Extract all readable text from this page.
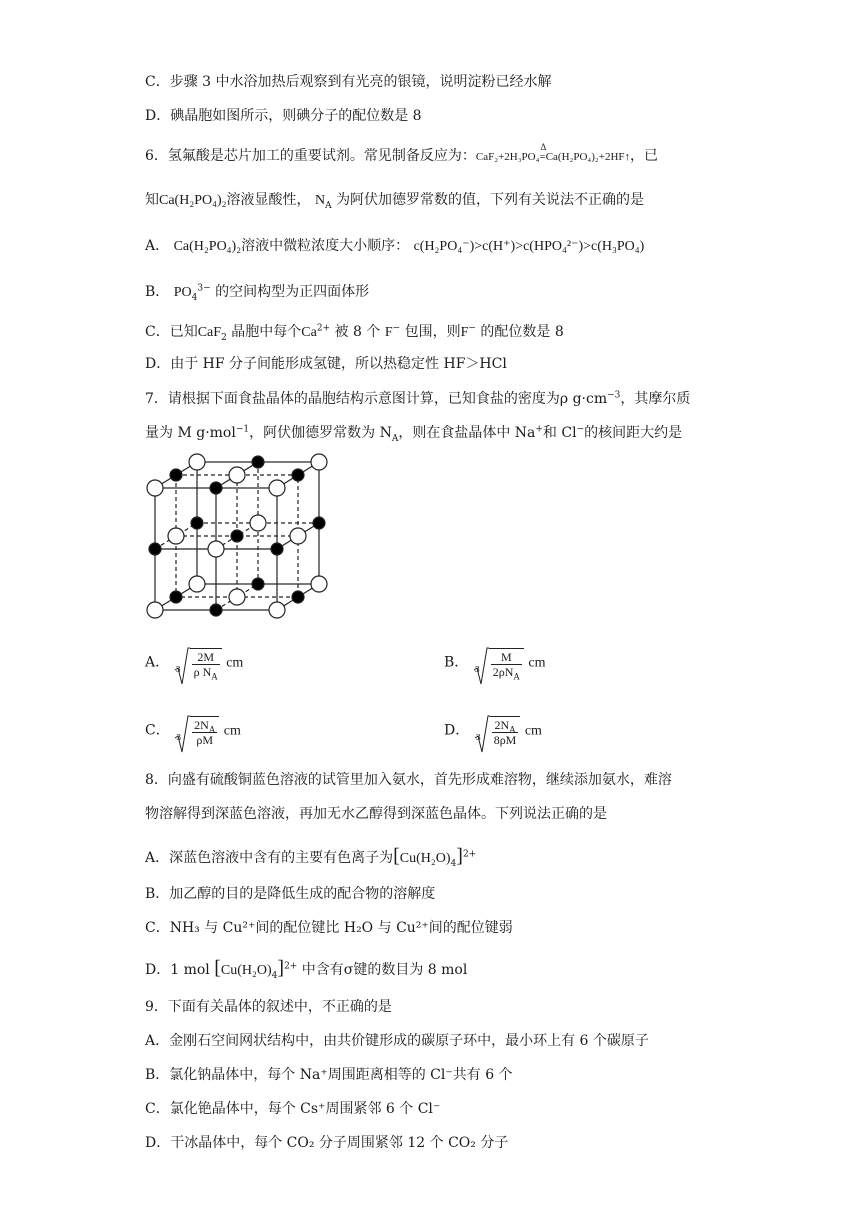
C．步骤 3 中水浴加热后观察到有光亮的银镜，说明淀粉已经水解
D．碘晶胞如图所示，则碘分子的配位数是 8
6．氢氟酸是芯片加工的重要试剂。常见制备反应为：CaF₂+2H₃PO₄
Δ
=Ca(H₂PO₄)₂+2HF↑，已
知Ca(H₂PO₄)₂溶液显酸性， $N_A$ 为阿伏加德罗常数的值，下列有关说法不正确的是
A． Ca(H₂PO₄)₂溶液中微粒浓度大小顺序： c(H₂PO₄⁻)>c(H⁺)>c(HPO₄²⁻)>c(H₃PO₄)
B． $PO_4^{3-}$ 的空间构型为正四面体形
C．已知CaF$_2$ 晶胞中每个$Ca^{2+}$ 被 8 个 F− 包围，则F− 的配位数是 8
D．由于 HF 分子间能形成氢键，所以热稳定性 HF＞HCl
7．请根据下面食盐晶体的晶胞结构示意图计算，已知食盐的密度为ρ $g\cdot cm^{-3}$，其摩尔质
量为 M g·mol$^{-1}$，阿伏伽德罗常数为 $N_A$，则在食盐晶体中 Na+和 Cl−的核间距大约是
A． $3 \frac{2M}{\rho N_A}$ cm	B． $3 \frac{M}{2\rho N_A}$ cm
C． $3 \frac{2N_A}{\rho M}$ cm	D． $3 \frac{2N_A}{8\rho M}$ cm
8．向盛有硫酸铜蓝色溶液的试管里加入氨水，首先形成难溶物，继续添加氨水，难溶
物溶解得到深蓝色溶液，再加无水乙醇得到深蓝色晶体。下列说法正确的是
A．深蓝色溶液中含有的主要有色离子为$[Cu(H_2O)_4]^{2+}$
B．加乙醇的目的是降低生成的配合物的溶解度
C．NH₃ 与 Cu²⁺间的配位键比 H₂O 与 Cu²⁺间的配位键弱
D．1 mol $[Cu(H_2O)_4]^{2+}$ 中含有σ键的数目为 8 mol
9．下面有关晶体的叙述中，不正确的是
A．金刚石空间网状结构中，由共价键形成的碳原子环中，最小环上有 6 个碳原子
B．氯化钠晶体中，每个 Na⁺周围距离相等的 Cl⁻共有 6 个
C．氯化铯晶体中，每个 Cs⁺周围紧邻 6 个 Cl⁻
D．干冰晶体中，每个 CO₂ 分子周围紧邻 12 个 CO₂ 分子
